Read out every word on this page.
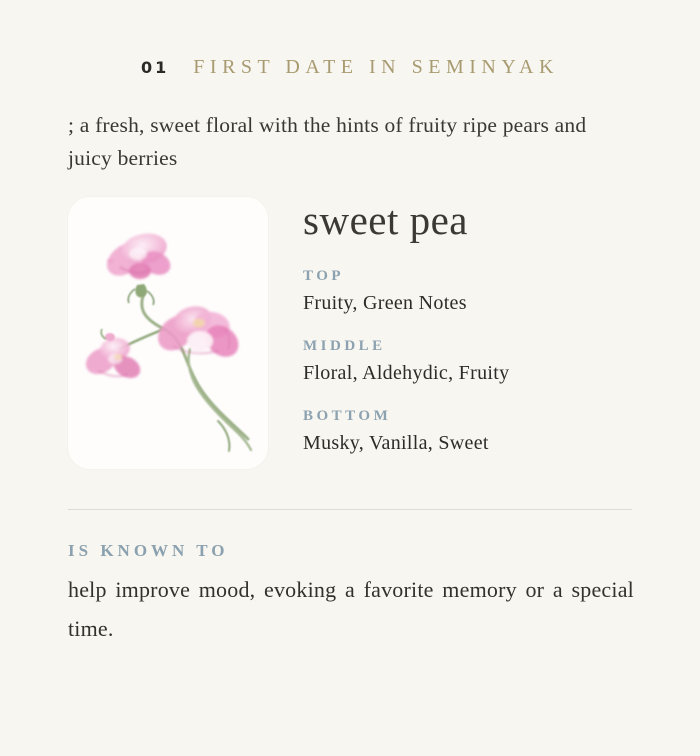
01 FIRST DATE IN SEMINYAK

; a fresh, sweet floral with the hints of fruity ripe pears and juicy berries

sweet pea
TOP
Fruity, Green Notes
MIDDLE
Floral, Aldehydic, Fruity
BOTTOM
Musky, Vanilla, Sweet
IS KNOWN TO

help improve mood, evoking a favorite memory or a special time.
